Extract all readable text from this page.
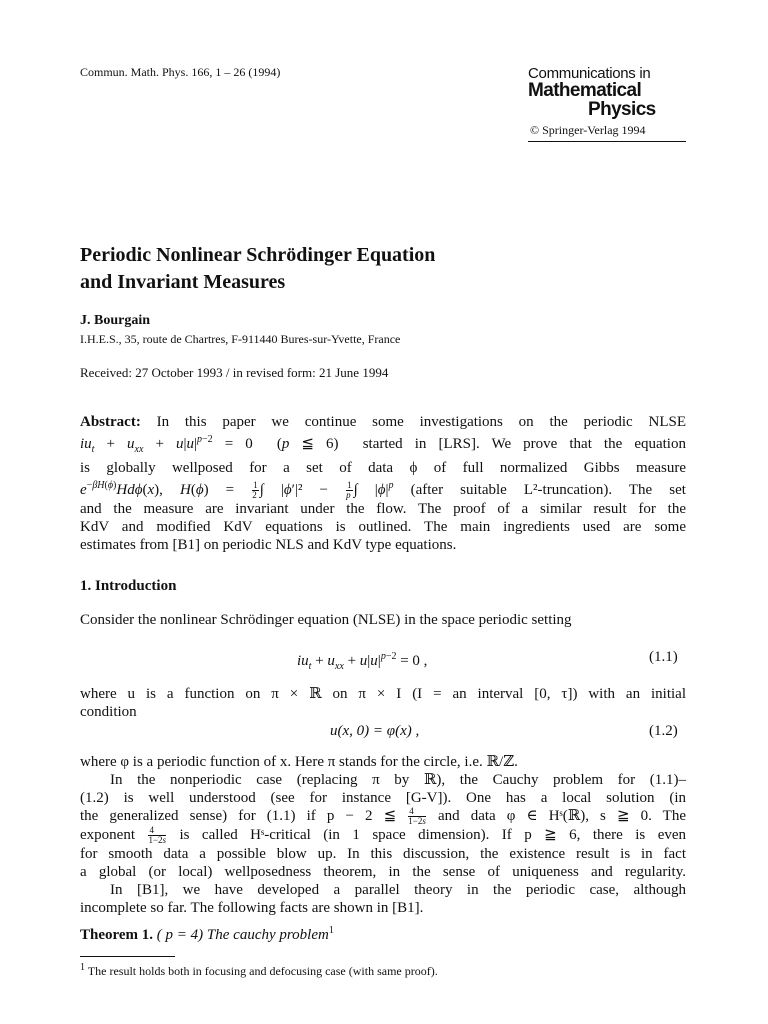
Commun. Math. Phys. 166, 1 – 26 (1994)	Communications in
Mathematical
Physics
© Springer-Verlag 1994
Periodic Nonlinear Schrödinger Equation
and Invariant Measures
J. Bourgain
I.H.E.S., 35, route de Chartres, F-911440 Bures-sur-Yvette, France
Received: 27 October 1993 / in revised form: 21 June 1994
Abstract: In this paper we continue some investigations on the periodic NLSE
$iu_t + u_{xx} + u|u|^{p-2} = 0$  (p ≦ 6)  started in [LRS]. We prove that the equation
is globally wellposed for a set of data ϕ of full normalized Gibbs measure
$e^{-\beta H(\phi)}Hd\phi(x)$, $H(\phi) = \frac{1}{2}$ ∫ $|\phi'|^2 - \frac{1}{p}$ ∫ $|\phi|^p$ (after suitable L²-truncation). The set
and the measure are invariant under the flow. The proof of a similar result for the
KdV and modified KdV equations is outlined. The main ingredients used are some
estimates from [B1] on periodic NLS and KdV type equations.
1. Introduction
Consider the nonlinear Schrödinger equation (NLSE) in the space periodic setting
$iu_t + u_{xx} + u|u|^{p-2} = 0$ ,	(1.1)
where u is a function on π × ℝ on π × I (I = an interval [0, τ]) with an initial
condition
u(x, 0) = φ(x) ,	(1.2)
where φ is a periodic function of x. Here π stands for the circle, i.e. ℝ/ℤ.
In the nonperiodic case (replacing π by ℝ), the Cauchy problem for (1.1)–
(1.2) is well understood (see for instance [G-V]). One has a local solution (in
the generalized sense) for (1.1) if p − 2 ≦ $\frac{4}{1-2s}$ and data φ ∈ Hˢ(ℝ), s ≧ 0. The
exponent $\frac{4}{1-2s}$ is called Hˢ-critical (in 1 space dimension). If p ≧ 6, there is even
for smooth data a possible blow up. In this discussion, the existence result is in fact
a global (or local) wellposedness theorem, in the sense of uniqueness and regularity.
In [B1], we have developed a parallel theory in the periodic case, although
incomplete so far. The following facts are shown in [B1].
Theorem 1. ( p = 4) The cauchy problem$^1$
$^1$ The result holds both in focusing and defocusing case (with same proof).
